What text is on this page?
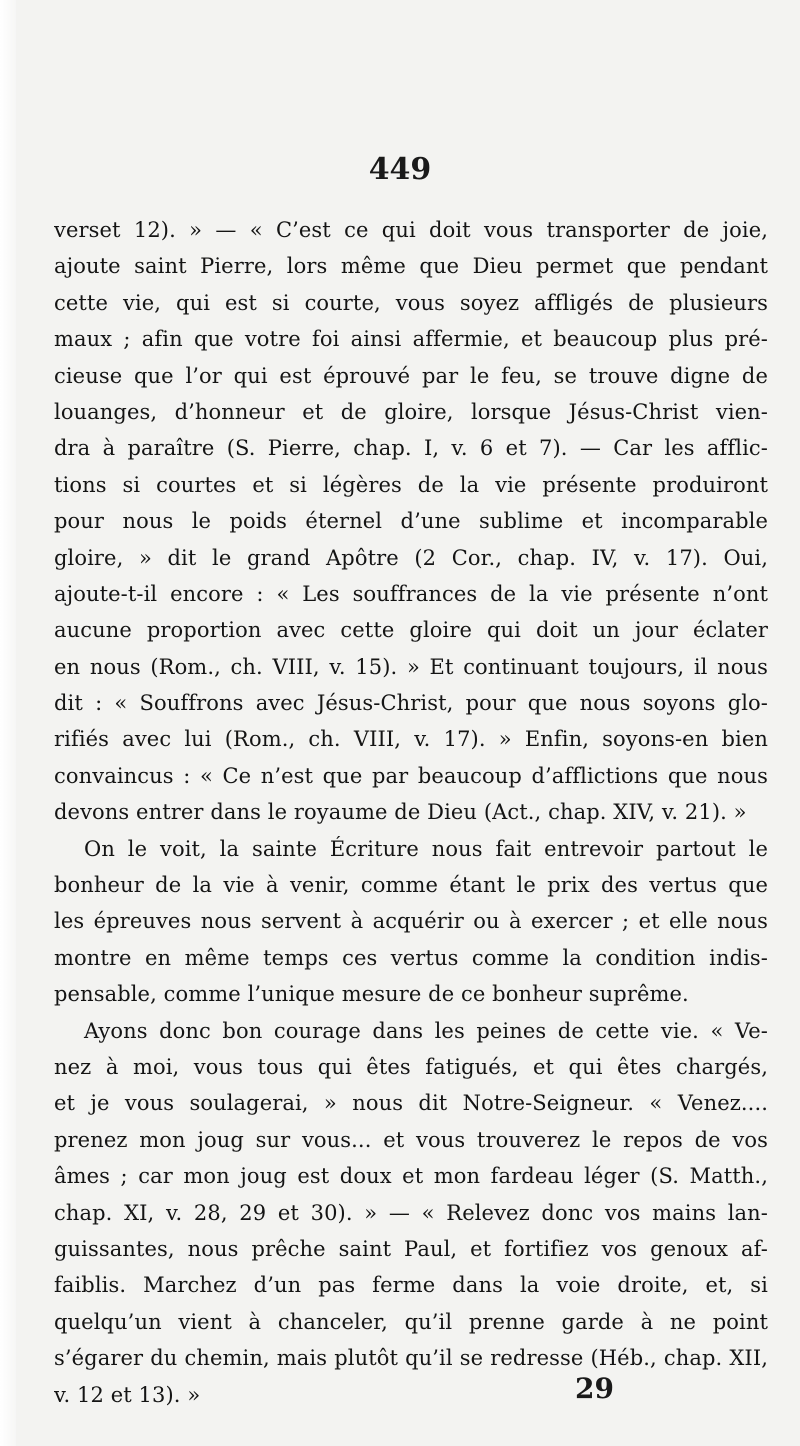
449
verset 12). » — « C’est ce qui doit vous transporter de joie,
ajoute saint Pierre, lors même que Dieu permet que pendant
cette vie, qui est si courte, vous soyez affligés de plusieurs
maux ; afin que votre foi ainsi affermie, et beaucoup plus pré-
cieuse que l’or qui est éprouvé par le feu, se trouve digne de
louanges, d’honneur et de gloire, lorsque Jésus-Christ vien-
dra à paraître (S. Pierre, chap. I, v. 6 et 7). — Car les afflic-
tions si courtes et si légères de la vie présente produiront
pour nous le poids éternel d’une sublime et incomparable
gloire, » dit le grand Apôtre (2 Cor., chap. IV, v. 17). Oui,
ajoute-t-il encore : « Les souffrances de la vie présente n’ont
aucune proportion avec cette gloire qui doit un jour éclater
en nous (Rom., ch. VIII, v. 15). » Et continuant toujours, il nous
dit : « Souffrons avec Jésus-Christ, pour que nous soyons glo-
rifiés avec lui (Rom., ch. VIII, v. 17). » Enfin, soyons-en bien
convaincus : « Ce n’est que par beaucoup d’afflictions que nous
devons entrer dans le royaume de Dieu (Act., chap. XIV, v. 21). »
On le voit, la sainte Écriture nous fait entrevoir partout le
bonheur de la vie à venir, comme étant le prix des vertus que
les épreuves nous servent à acquérir ou à exercer ; et elle nous
montre en même temps ces vertus comme la condition indis-
pensable, comme l’unique mesure de ce bonheur suprême.
Ayons donc bon courage dans les peines de cette vie. « Ve-
nez à moi, vous tous qui êtes fatigués, et qui êtes chargés,
et je vous soulagerai, » nous dit Notre-Seigneur. « Venez....
prenez mon joug sur vous... et vous trouverez le repos de vos
âmes ; car mon joug est doux et mon fardeau léger (S. Matth.,
chap. XI, v. 28, 29 et 30). » — « Relevez donc vos mains lan-
guissantes, nous prêche saint Paul, et fortifiez vos genoux af-
faiblis. Marchez d’un pas ferme dans la voie droite, et, si
quelqu’un vient à chanceler, qu’il prenne garde à ne point
s’égarer du chemin, mais plutôt qu’il se redresse (Héb., chap. XII,
v. 12 et 13). »	29
